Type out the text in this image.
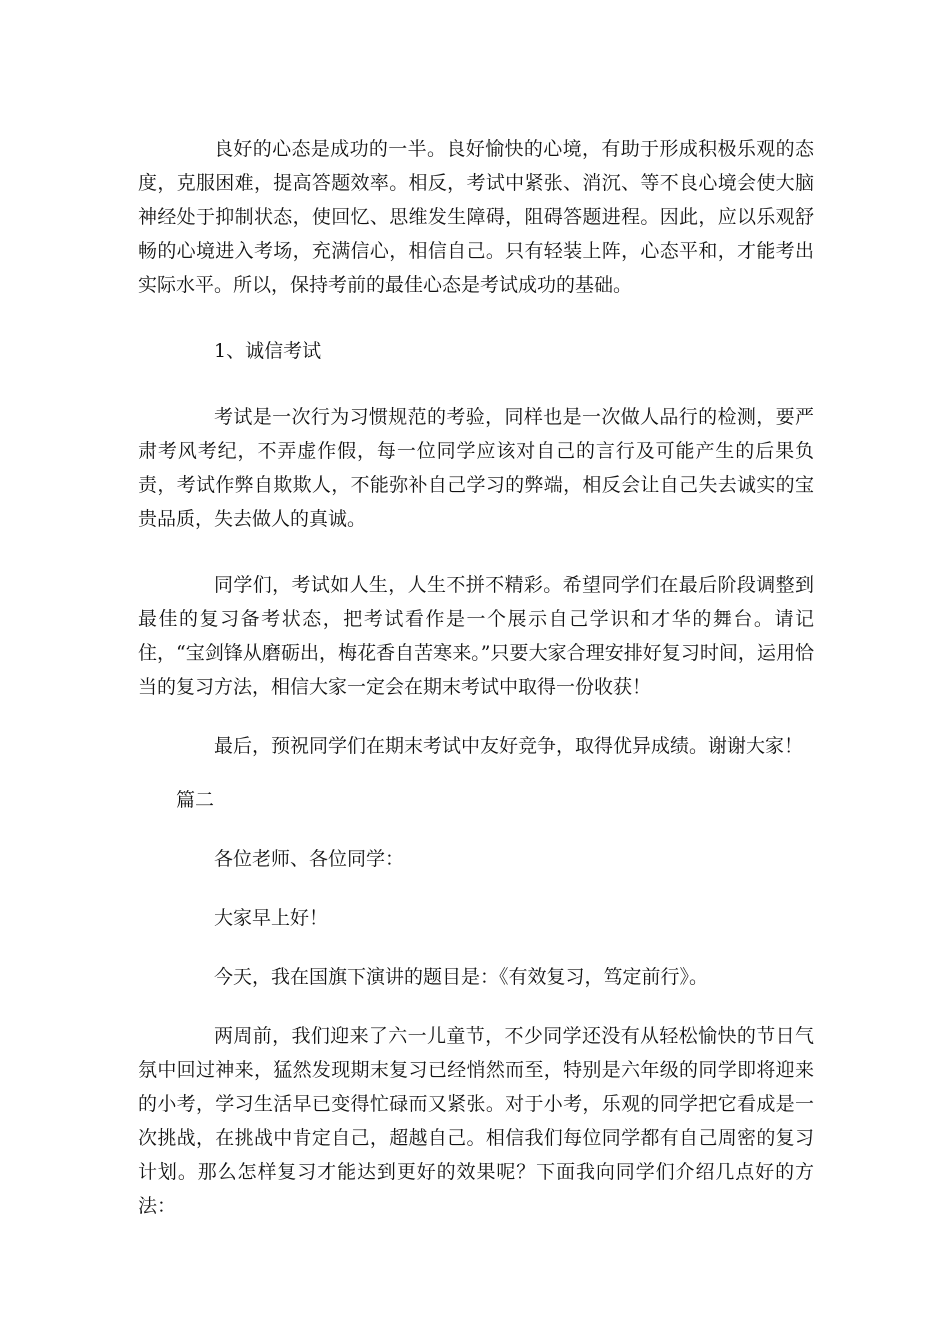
良好的心态是成功的一半。良好愉快的心境，有助于形成积极乐观的态度，克服困难，提高答题效率。相反，考试中紧张、消沉、等不良心境会使大脑神经处于抑制状态，使回忆、思维发生障碍，阻碍答题进程。因此，应以乐观舒畅的心境进入考场，充满信心，相信自己。只有轻装上阵，心态平和，才能考出实际水平。所以，保持考前的最佳心态是考试成功的基础。

1、诚信考试

考试是一次行为习惯规范的考验，同样也是一次做人品行的检测，要严肃考风考纪，不弄虚作假，每一位同学应该对自己的言行及可能产生的后果负责，考试作弊自欺欺人，不能弥补自己学习的弊端，相反会让自己失去诚实的宝贵品质，失去做人的真诚。

同学们，考试如人生，人生不拼不精彩。希望同学们在最后阶段调整到最佳的复习备考状态，把考试看作是一个展示自己学识和才华的舞台。请记住，“宝剑锋从磨砺出，梅花香自苦寒来。”只要大家合理安排好复习时间，运用恰当的复习方法，相信大家一定会在期末考试中取得一份收获！

最后，预祝同学们在期末考试中友好竞争，取得优异成绩。谢谢大家！

篇二

各位老师、各位同学：

大家早上好！

今天，我在国旗下演讲的题目是：《有效复习，笃定前行》。

两周前，我们迎来了六一儿童节，不少同学还没有从轻松愉快的节日气氛中回过神来，猛然发现期末复习已经悄然而至，特别是六年级的同学即将迎来的小考，学习生活早已变得忙碌而又紧张。对于小考，乐观的同学把它看成是一次挑战，在挑战中肯定自己，超越自己。相信我们每位同学都有自己周密的复习计划。那么怎样复习才能达到更好的效果呢？下面我向同学们介绍几点好的方法：
